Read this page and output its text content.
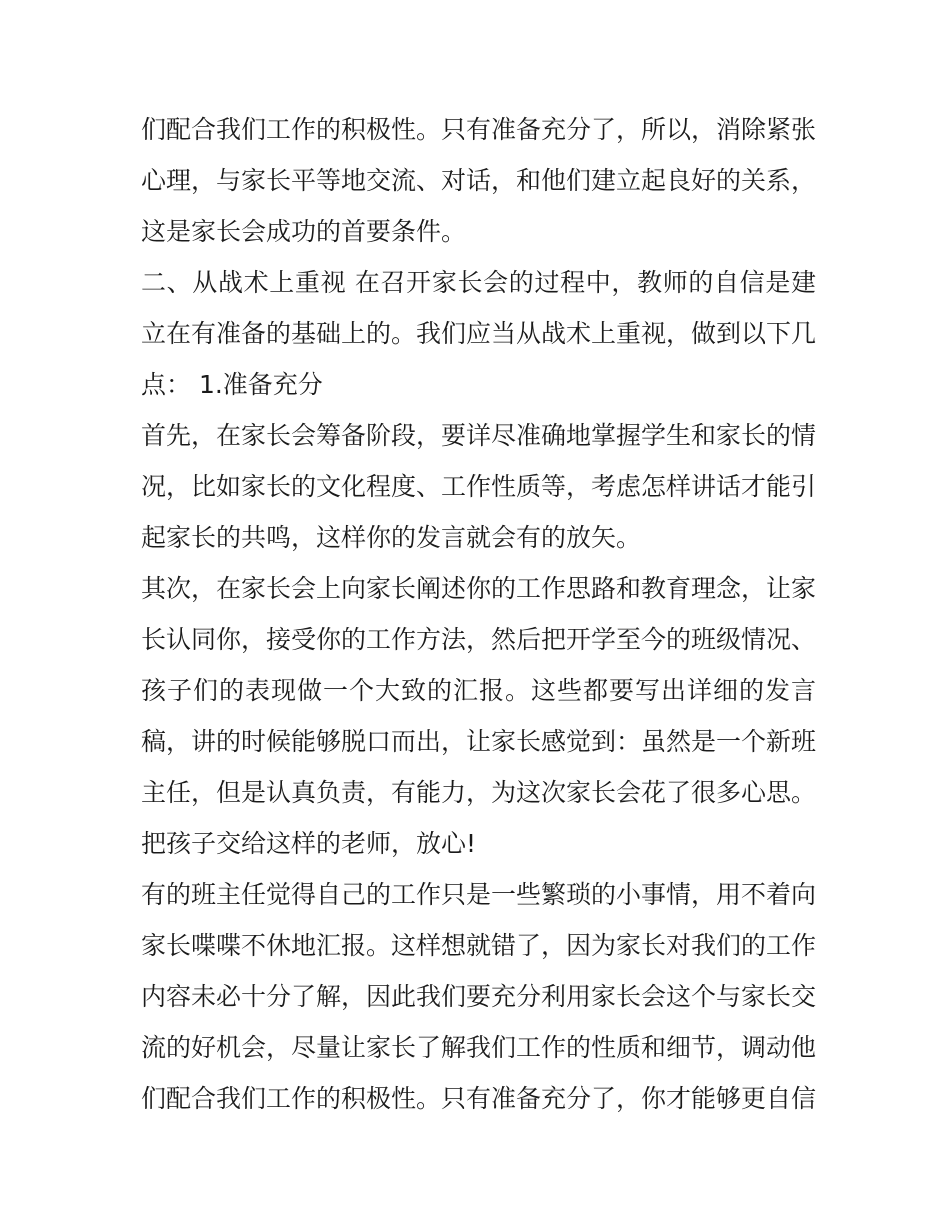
们配合我们工作的积极性。只有准备充分了，所以，消除紧张
心理，与家长平等地交流、对话，和他们建立起良好的关系，
这是家长会成功的首要条件。
二、从战术上重视 在召开家长会的过程中，教师的自信是建
立在有准备的基础上的。我们应当从战术上重视，做到以下几
点： 1.准备充分
首先，在家长会筹备阶段，要详尽准确地掌握学生和家长的情
况，比如家长的文化程度、工作性质等，考虑怎样讲话才能引
起家长的共鸣，这样你的发言就会有的放矢。
其次，在家长会上向家长阐述你的工作思路和教育理念，让家
长认同你，接受你的工作方法，然后把开学至今的班级情况、
孩子们的表现做一个大致的汇报。这些都要写出详细的发言
稿，讲的时候能够脱口而出，让家长感觉到：虽然是一个新班
主任，但是认真负责，有能力，为这次家长会花了很多心思。
把孩子交给这样的老师，放心!
有的班主任觉得自己的工作只是一些繁琐的小事情，用不着向
家长喋喋不休地汇报。这样想就错了，因为家长对我们的工作
内容未必十分了解，因此我们要充分利用家长会这个与家长交
流的好机会，尽量让家长了解我们工作的性质和细节，调动他
们配合我们工作的积极性。只有准备充分了，你才能够更自信
